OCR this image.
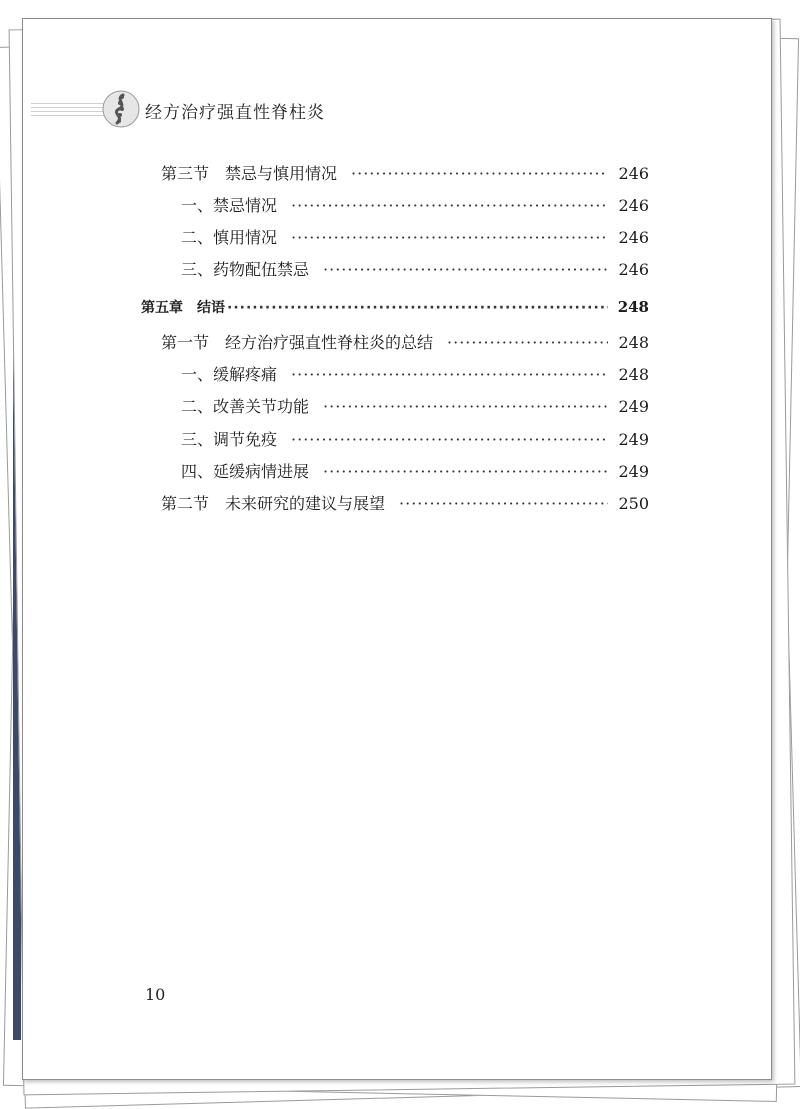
经方治疗强直性脊柱炎
第三节　禁忌与慎用情况 ·····	246
一、禁忌情况 ·····	246
二、慎用情况 ·····	246
三、药物配伍禁忌 ·····	246
第五章　结语 ·····	248
第一节　经方治疗强直性脊柱炎的总结 ·····	248
一、缓解疼痛 ·····	248
二、改善关节功能 ·····	249
三、调节免疫 ·····	249
四、延缓病情进展 ·····	249
第二节　未来研究的建议与展望 ·····	250
10
